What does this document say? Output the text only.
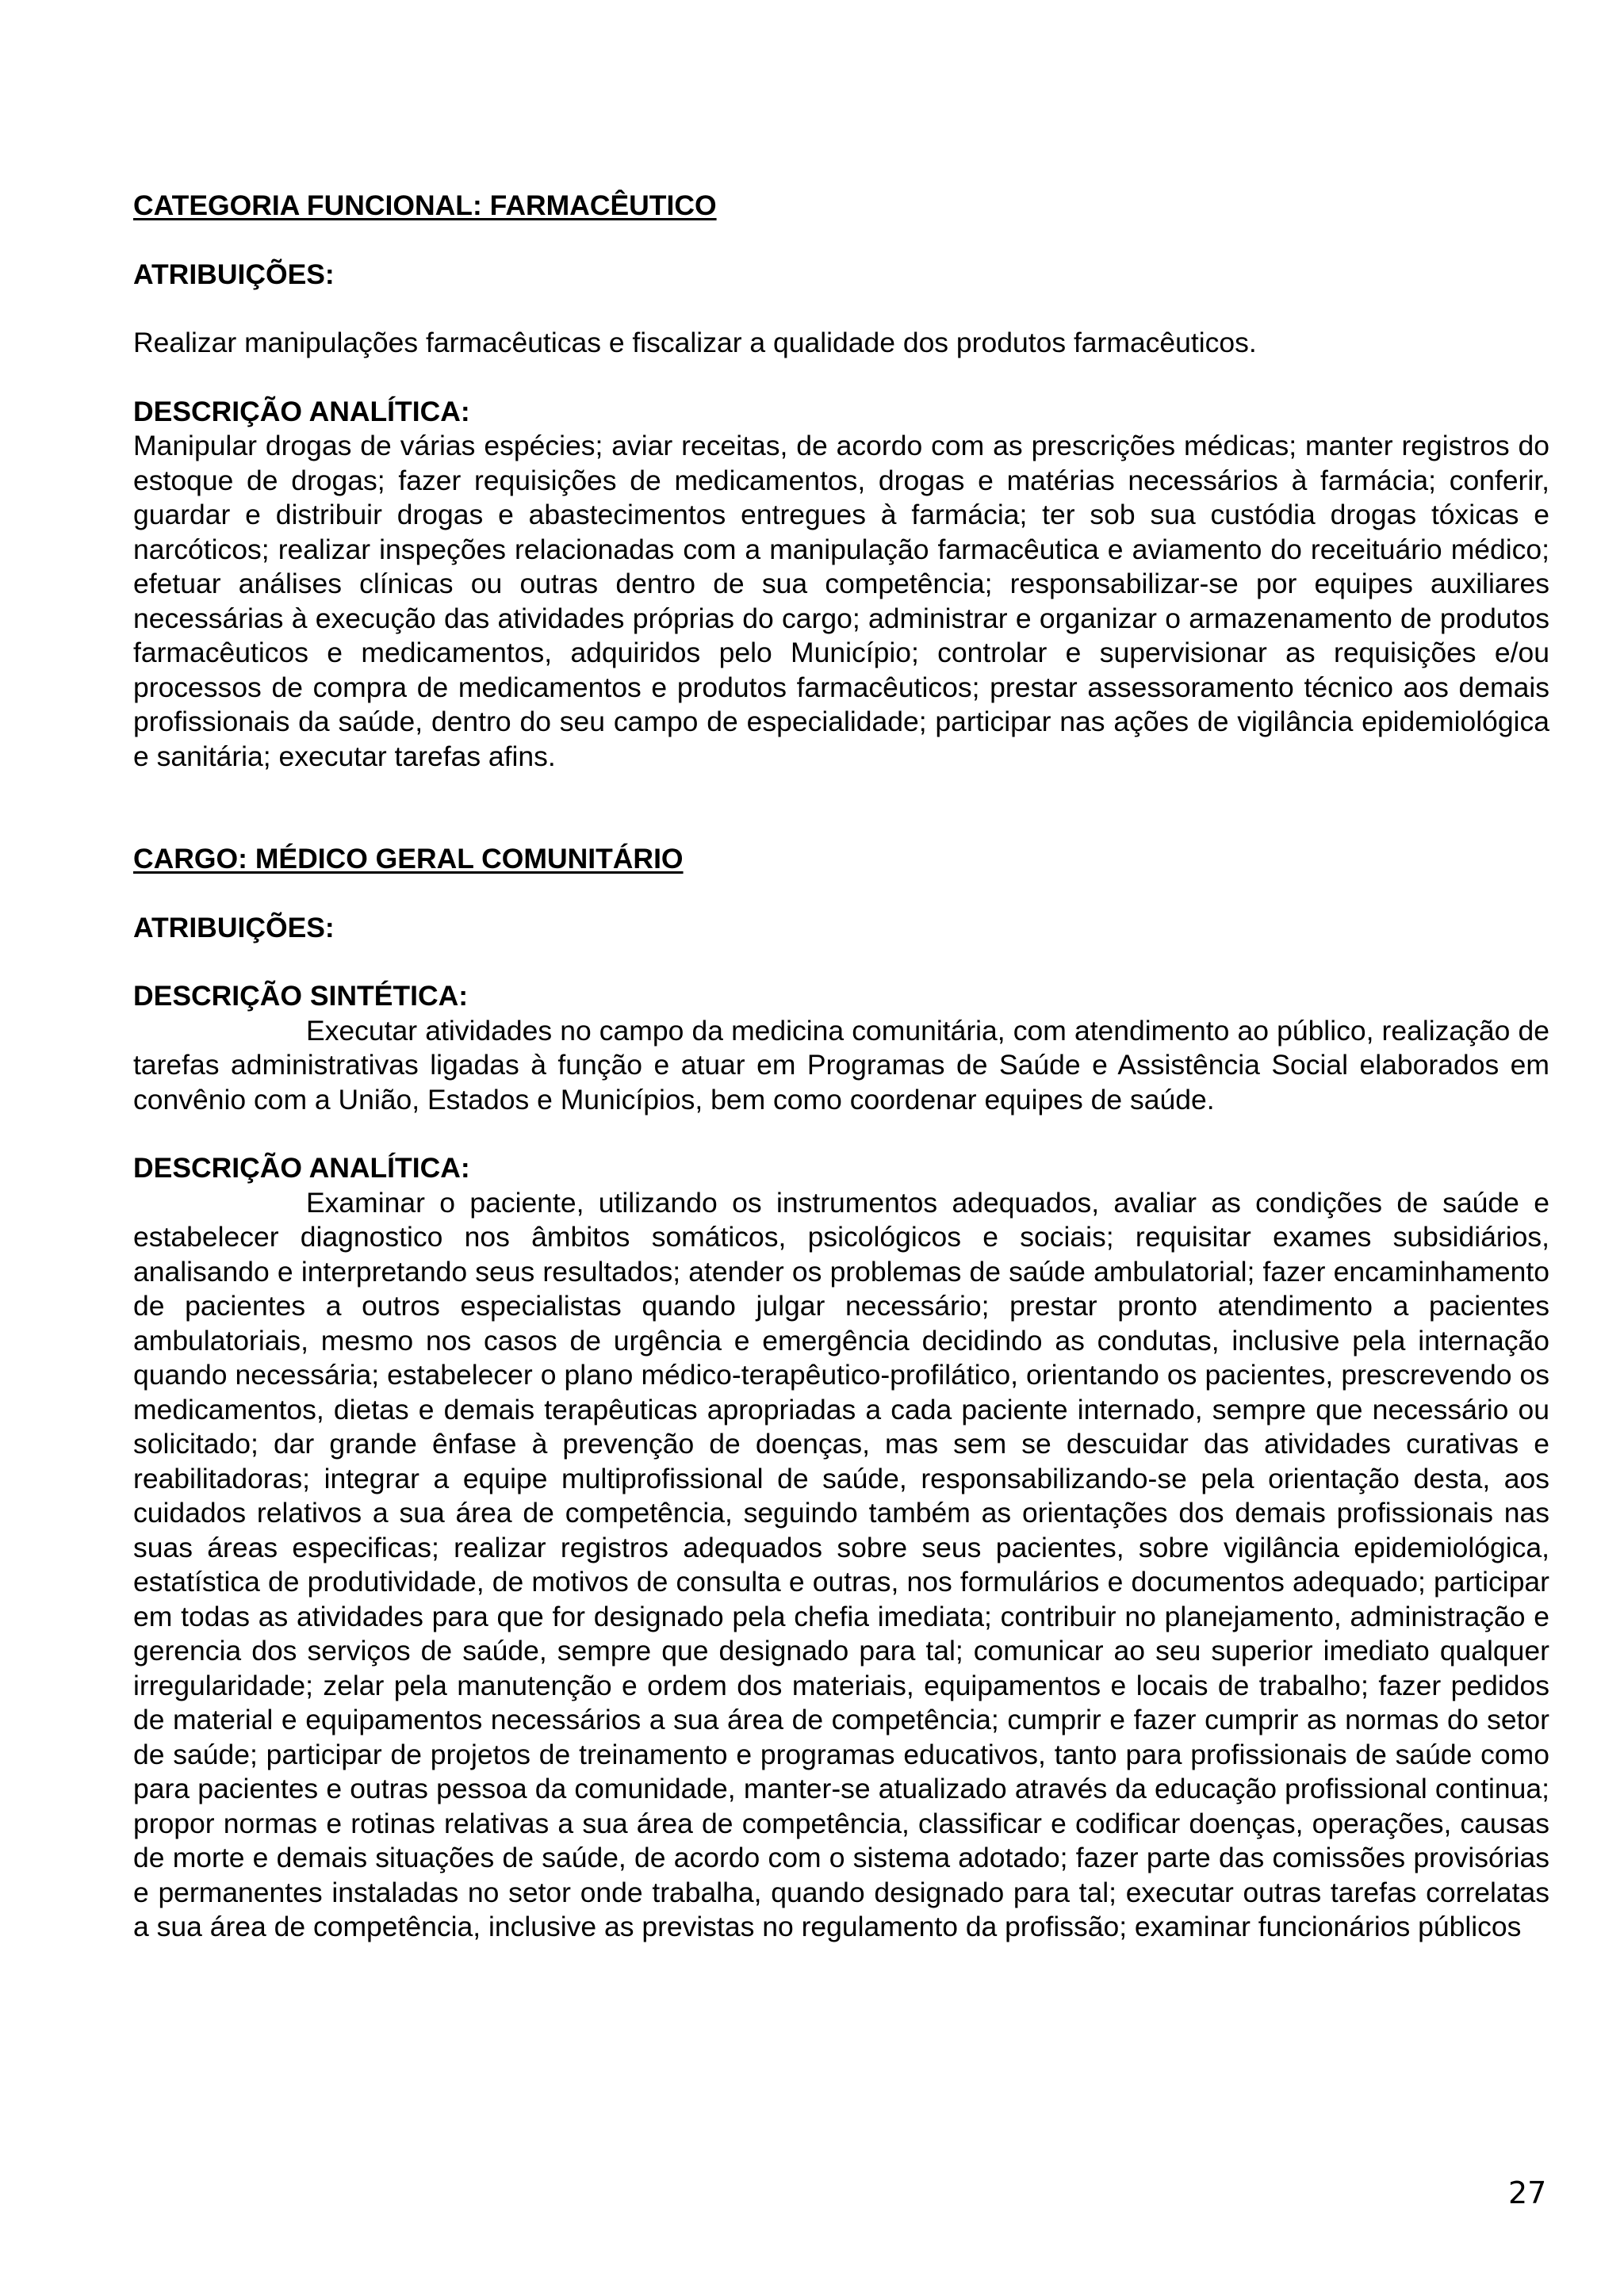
CATEGORIA FUNCIONAL: FARMACÊUTICO

ATRIBUIÇÕES:

Realizar manipulações farmacêuticas e fiscalizar a qualidade dos produtos farmacêuticos.

DESCRIÇÃO ANALÍTICA:

Manipular drogas de várias espécies; aviar receitas, de acordo com as prescrições médicas; manter registros do estoque de drogas; fazer requisições de medicamentos, drogas e matérias necessários à farmácia; conferir, guardar e distribuir drogas e abastecimentos entregues à farmácia; ter sob sua custódia drogas tóxicas e narcóticos; realizar inspeções relacionadas com a manipulação farmacêutica e aviamento do receituário médico; efetuar análises clínicas ou outras dentro de sua competência; responsabilizar-se por equipes auxiliares necessárias à execução das atividades próprias do cargo; administrar e organizar o armazenamento de produtos farmacêuticos e medicamentos, adquiridos pelo Município; controlar e supervisionar as requisições e/ou processos de compra de medicamentos e produtos farmacêuticos; prestar assessoramento técnico aos demais profissionais da saúde, dentro do seu campo de especialidade; participar nas ações de vigilância epidemiológica e sanitária; executar tarefas afins.

CARGO: MÉDICO GERAL COMUNITÁRIO

ATRIBUIÇÕES:

DESCRIÇÃO SINTÉTICA:

Executar atividades no campo da medicina comunitária, com atendimento ao público, realização de tarefas administrativas ligadas à função e atuar em Programas de Saúde e Assistência Social elaborados em convênio com a União, Estados e Municípios, bem como coordenar equipes de saúde.

DESCRIÇÃO ANALÍTICA:

Examinar o paciente, utilizando os instrumentos adequados, avaliar as condições de saúde e estabelecer diagnostico nos âmbitos somáticos, psicológicos e sociais; requisitar exames subsidiários, analisando e interpretando seus resultados; atender os problemas de saúde ambulatorial; fazer encaminhamento de pacientes a outros especialistas quando julgar necessário; prestar pronto atendimento a pacientes ambulatoriais, mesmo nos casos de urgência e emergência decidindo as condutas, inclusive pela internação quando necessária; estabelecer o plano médico-terapêutico-profilático, orientando os pacientes, prescrevendo os medicamentos, dietas e demais terapêuticas apropriadas a cada paciente internado, sempre que necessário ou solicitado; dar grande ênfase à prevenção de doenças, mas sem se descuidar das atividades curativas e reabilitadoras; integrar a equipe multiprofissional de saúde, responsabilizando-se pela orientação desta, aos cuidados relativos a sua área de competência, seguindo também as orientações dos demais profissionais nas suas áreas especificas; realizar registros adequados sobre seus pacientes, sobre vigilância epidemiológica, estatística de produtividade, de motivos de consulta e outras, nos formulários e documentos adequado; participar em todas as atividades para que for designado pela chefia imediata; contribuir no planejamento, administração e gerencia dos serviços de saúde, sempre que designado para tal; comunicar ao seu superior imediato qualquer irregularidade; zelar pela manutenção e ordem dos materiais, equipamentos e locais de trabalho; fazer pedidos de material e equipamentos necessários a sua área de competência; cumprir e fazer cumprir as normas do setor de saúde; participar de projetos de treinamento e programas educativos, tanto para profissionais de saúde como para pacientes e outras pessoa da comunidade, manter-se atualizado através da educação profissional continua; propor normas e rotinas relativas a sua área de competência, classificar e codificar doenças, operações, causas de morte e demais situações de saúde, de acordo com o sistema adotado; fazer parte das comissões provisórias e permanentes instaladas no setor onde trabalha, quando designado para tal; executar outras tarefas correlatas a sua área de competência, inclusive as previstas no regulamento da profissão; examinar funcionários públicos

27
